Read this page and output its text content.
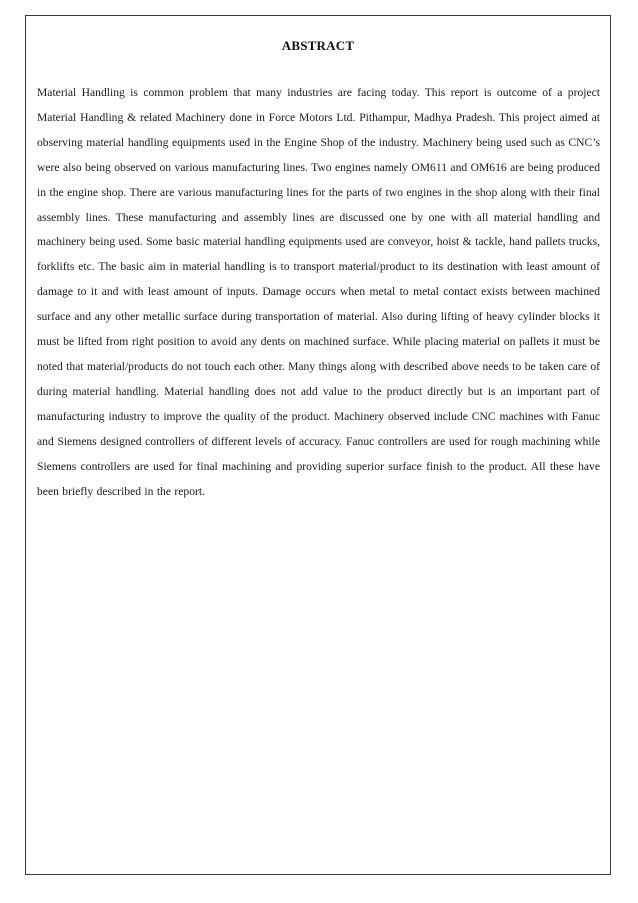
ABSTRACT

Material Handling is common problem that many industries are facing today. This report is outcome of a project Material Handling & related Machinery done in Force Motors Ltd. Pithampur, Madhya Pradesh. This project aimed at observing material handling equipments used in the Engine Shop of the industry. Machinery being used such as CNC’s were also being observed on various manufacturing lines. Two engines namely OM611 and OM616 are being produced in the engine shop. There are various manufacturing lines for the parts of two engines in the shop along with their final assembly lines. These manufacturing and assembly lines are discussed one by one with all material handling and machinery being used. Some basic material handling equipments used are conveyor, hoist & tackle, hand pallets trucks, forklifts etc. The basic aim in material handling is to transport material/product to its destination with least amount of damage to it and with least amount of inputs. Damage occurs when metal to metal contact exists between machined surface and any other metallic surface during transportation of material. Also during lifting of heavy cylinder blocks it must be lifted from right position to avoid any dents on machined surface. While placing material on pallets it must be noted that material/products do not touch each other. Many things along with described above needs to be taken care of during material handling. Material handling does not add value to the product directly but is an important part of manufacturing industry to improve the quality of the product. Machinery observed include CNC machines with Fanuc and Siemens designed controllers of different levels of accuracy. Fanuc controllers are used for rough machining while Siemens controllers are used for final machining and providing superior surface finish to the product. All these have been briefly described in the report.
